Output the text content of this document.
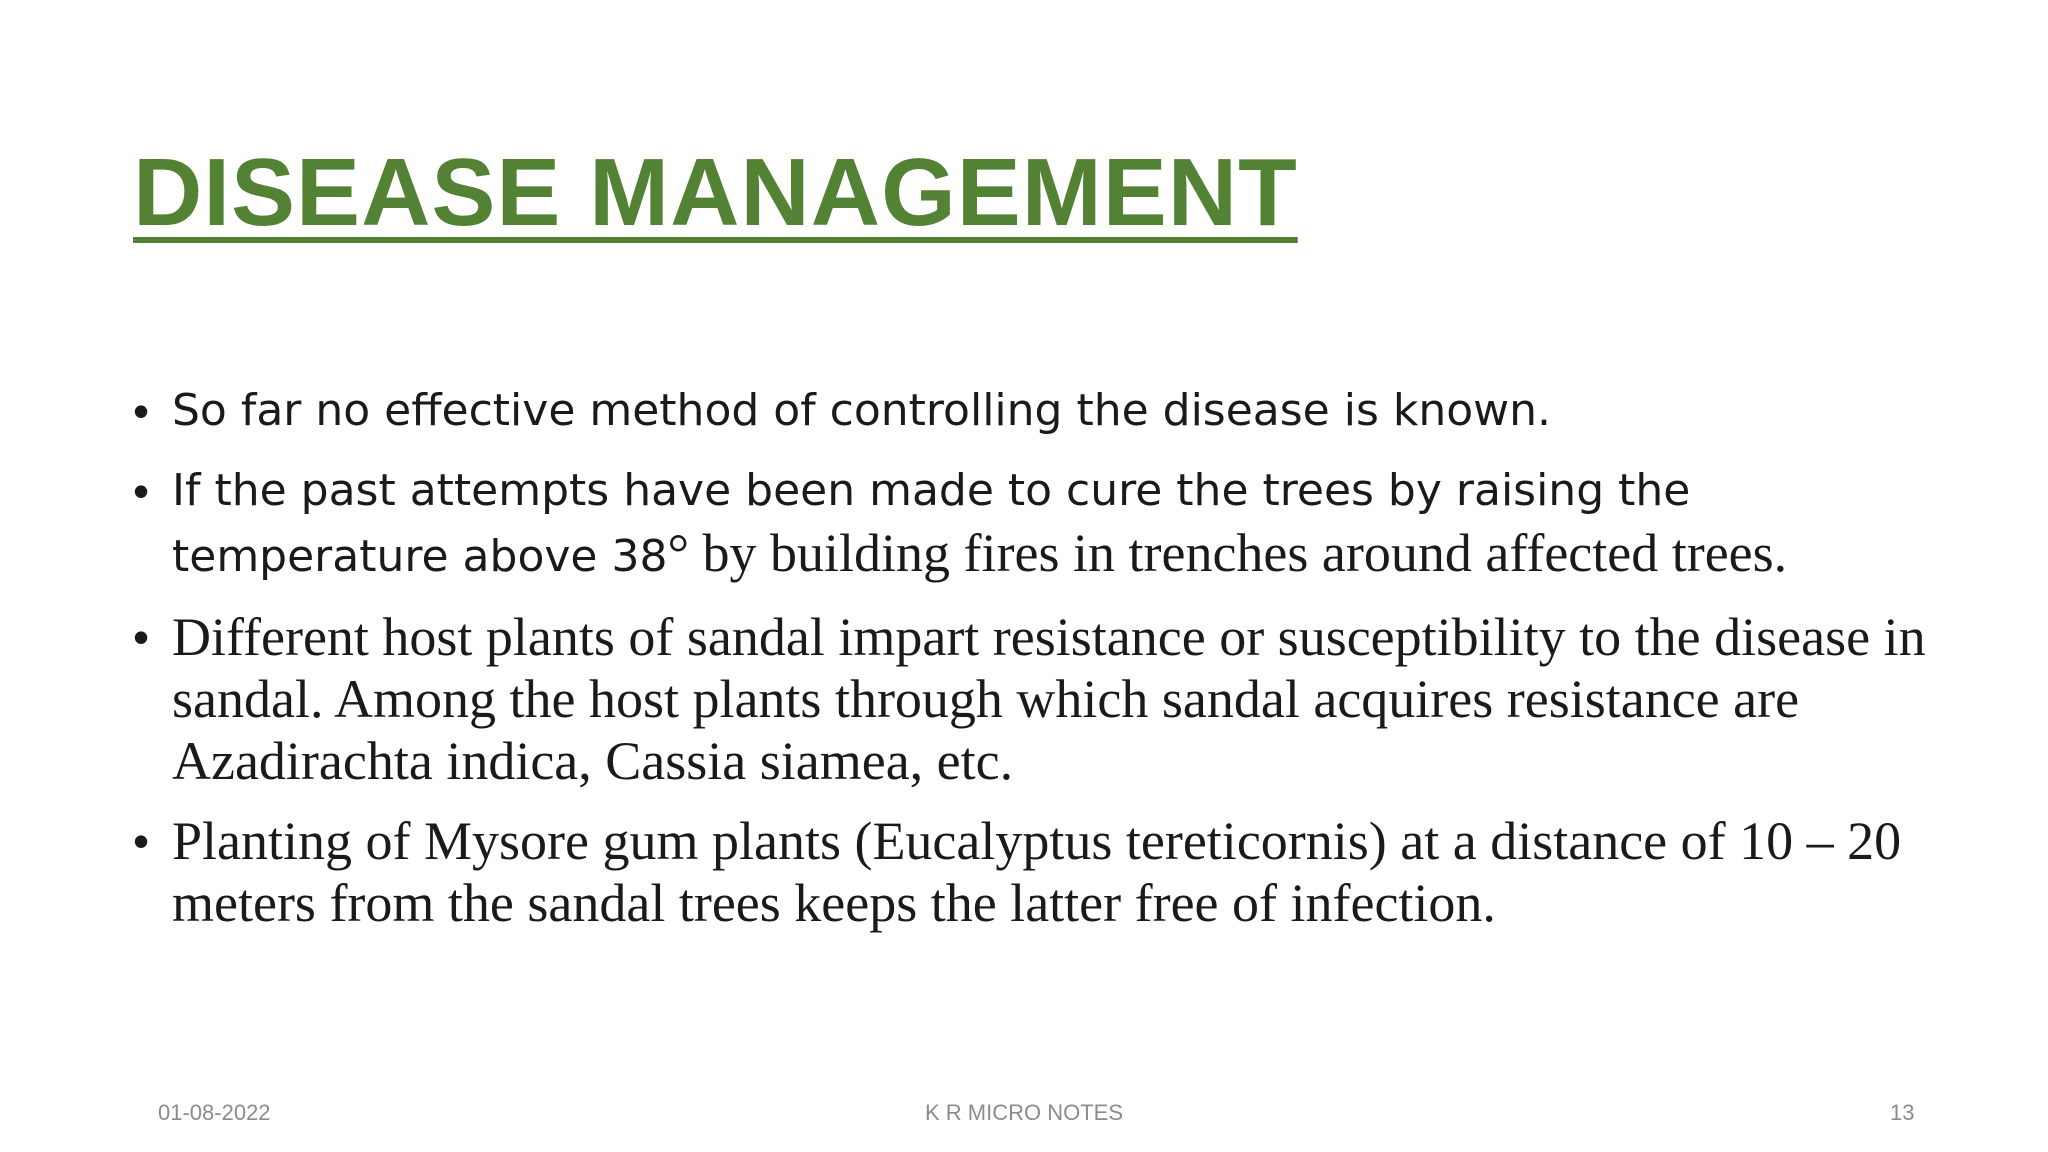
DISEASE MANAGEMENT
• So far no effective method of controlling the disease is known.
• If the past attempts have been made to cure the trees by raising the temperature above 38° by building fires in trenches around affected trees.
• Different host plants of sandal impart resistance or susceptibility to the disease in sandal. Among the host plants through which sandal acquires resistance are Azadirachta indica, Cassia siamea, etc.
• Planting of Mysore gum plants (Eucalyptus tereticornis) at a distance of 10 – 20 meters from the sandal trees keeps the latter free of infection.
01-08-2022	K R MICRO NOTES	13
